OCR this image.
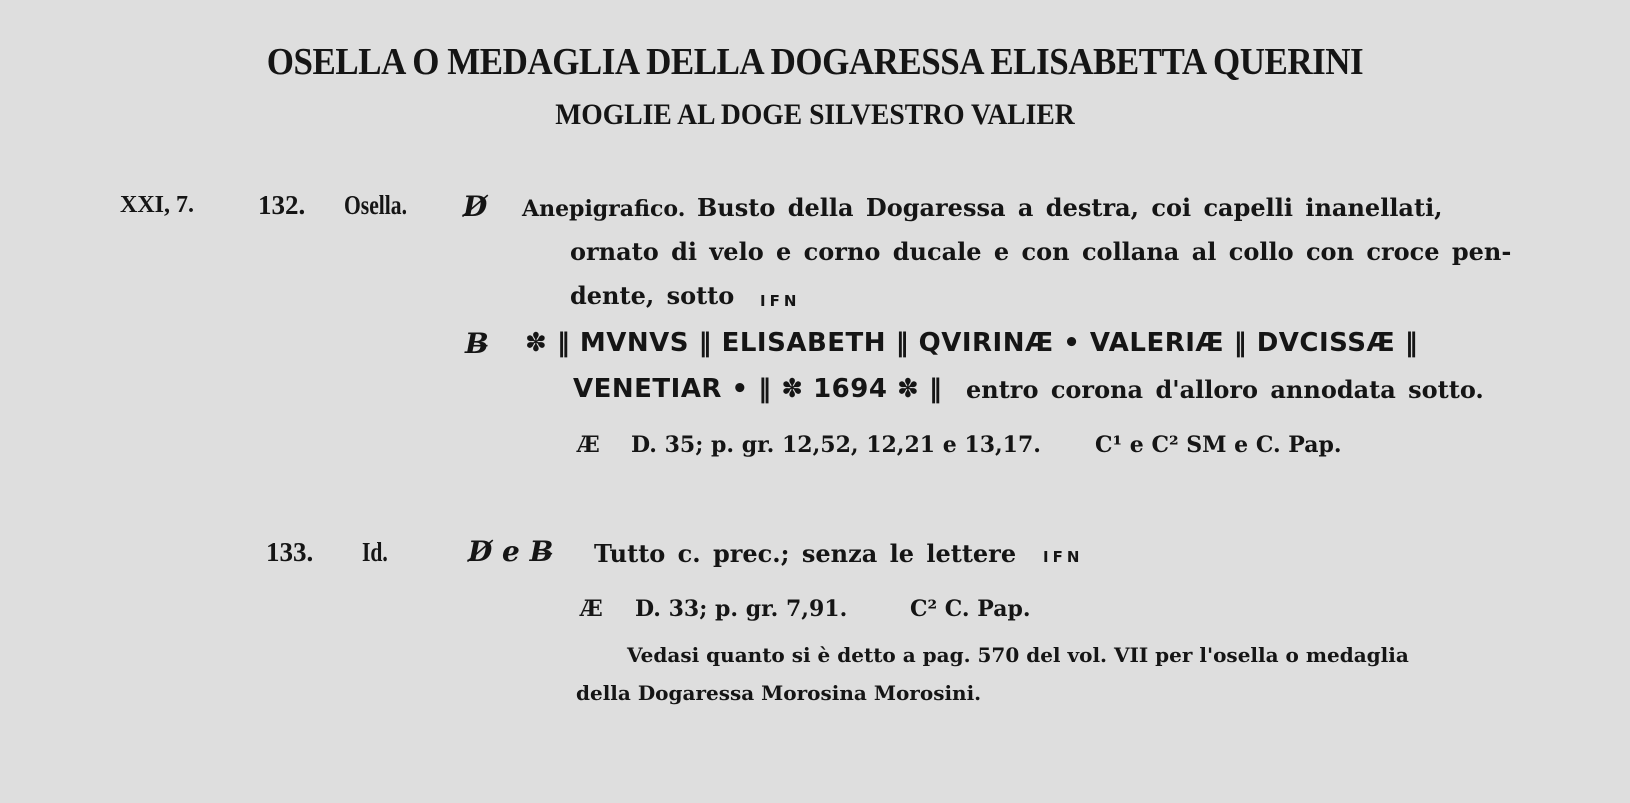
OSELLA O MEDAGLIA DELLA DOGARESSA ELISABETTA QUERINI
MOGLIE AL DOGE SILVESTRO VALIER
XXI, 7. 132. Osella. D̸ Anepigrafico. Busto della Dogaressa a destra, coi capelli inanellati,
ornato di velo e corno ducale e con collana al collo con croce pen-
dente, sotto IFN
B̶ ✽ ‖ MVNVS ‖ ELISABETH ‖ QVIRINÆ • VALERIÆ ‖ DVCISSÆ ‖
VENETIAR • ‖ ✽ 1694 ✽ ‖ entro corona d'alloro annodata sotto.
Æ D. 35; p. gr. 12,52, 12,21 e 13,17. C¹ e C² SM e C. Pap.
133. Id.	D̸ e B̶ Tutto c. prec.; senza le lettere IFN
Æ D. 33; p. gr. 7,91.	C² C. Pap.
Vedasi quanto si è detto a pag. 570 del vol. VII per l'osella o medaglia
della Dogaressa Morosina Morosini.
